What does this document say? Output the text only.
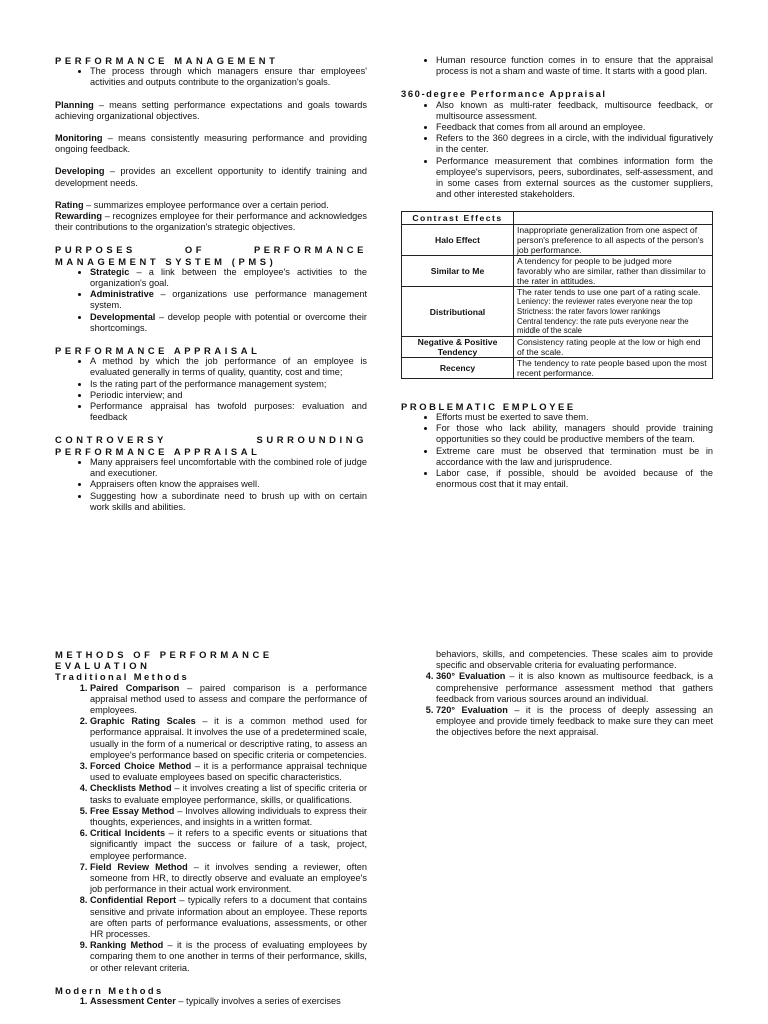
PERFORMANCE MANAGEMENT
• The process through which managers ensure thar employees' activities and outputs contribute to the organization's goals.

Planning – means setting performance expectations and goals towards achieving organizational objectives.

Monitoring – means consistently measuring performance and providing ongoing feedback.

Developing – provides an excellent opportunity to identify training and development needs.

Rating – summarizes employee performance over a certain period.

Rewarding – recognizes employee for their performance and acknowledges their contributions to the organization's strategic objectives.

PURPOSES OF PERFORMANCE MANAGEMENT SYSTEM (PMS)
• Strategic – a link between the employee's activities to the organization's goal.
• Administrative – organizations use performance management system.
• Developmental – develop people with potential or overcome their shortcomings.
PERFORMANCE APPRAISAL
• A method by which the job performance of an employee is evaluated generally in terms of quality, quantity, cost and time;
• Is the rating part of the performance management system;
• Periodic interview; and
• Performance appraisal has twofold purposes: evaluation and feedback
CONTROVERSY SURROUNDING PERFORMANCE APPRAISAL
• Many appraisers feel uncomfortable with the combined role of judge and executioner.
• Appraisers often know the appraises well.
• Suggesting how a subordinate need to brush up with on certain work skills and abilities.
• Human resource function comes in to ensure that the appraisal process is not a sham and waste of time. It starts with a good plan.
360-degree Performance Appraisal
• Also known as multi-rater feedback, multisource feedback, or multisource assessment.
• Feedback that comes from all around an employee.
• Refers to the 360 degrees in a circle, with the individual figuratively in the center.
• Performance measurement that combines information form the employee's supervisors, peers, subordinates, self-assessment, and in some cases from external sources as the customer suppliers, and other interested stakeholders.
Contrast Effects	
Halo Effect	Inappropriate generalization from one aspect of person's preference to all aspects of the person's job performance.
Similar to Me	A tendency for people to be judged more favorably who are similar, rather than dissimilar to the rater in attitudes.
Distributional	The rater tends to use one part of a rating scale.
Leniency: the reviewer rates everyone near the top
Strictness: the rater favors lower rankings
Central tendency: the rate puts everyone near the middle of the scale

Negative & Positive Tendency	Consistency rating people at the low or high end of the scale.
Recency	The tendency to rate people based upon the most recent performance.
PROBLEMATIC EMPLOYEE
• Efforts must be exerted to save them.
• For those who lack ability, managers should provide training opportunities so they could be productive members of the team.
• Extreme care must be observed that termination must be in accordance with the law and jurisprudence.
• Labor case, if possible, should be avoided because of the enormous cost that it may entail.
METHODS OF PERFORMANCE EVALUATION
Traditional Methods
1. Paired Comparison – paired comparison is a performance appraisal method used to assess and compare the performance of employees.
2. Graphic Rating Scales – it is a common method used for performance appraisal. It involves the use of a predetermined scale, usually in the form of a numerical or descriptive rating, to assess an employee's performance based on specific criteria or competencies.
3. Forced Choice Method – it is a performance appraisal technique used to evaluate employees based on specific characteristics.
4. Checklists Method – it involves creating a list of specific criteria or tasks to evaluate employee performance, skills, or qualifications.
5. Free Essay Method – Involves allowing individuals to express their thoughts, experiences, and insights in a written format.
6. Critical Incidents – it refers to a specific events or situations that significantly impact the success or failure of a task, project, employee performance.
7. Field Review Method – it involves sending a reviewer, often someone from HR, to directly observe and evaluate an employee's job performance in their actual work environment.
8. Confidential Report – typically refers to a document that contains sensitive and private information about an employee. These reports are often parts of performance evaluations, assessments, or other HR processes.
9. Ranking Method – it is the process of evaluating employees by comparing them to one another in terms of their performance, skills, or other relevant criteria.
Modern Methods
1. Assessment Center – typically involves a series of exercises

behaviors, skills, and competencies. These scales aim to provide specific and observable criteria for evaluating performance.

4. 360° Evaluation – it is also known as multisource feedback, is a comprehensive performance assessment method that gathers feedback from various sources around an individual.
5. 720° Evaluation – it is the process of deeply assessing an employee and provide timely feedback to make sure they can meet the objectives before the next appraisal.
